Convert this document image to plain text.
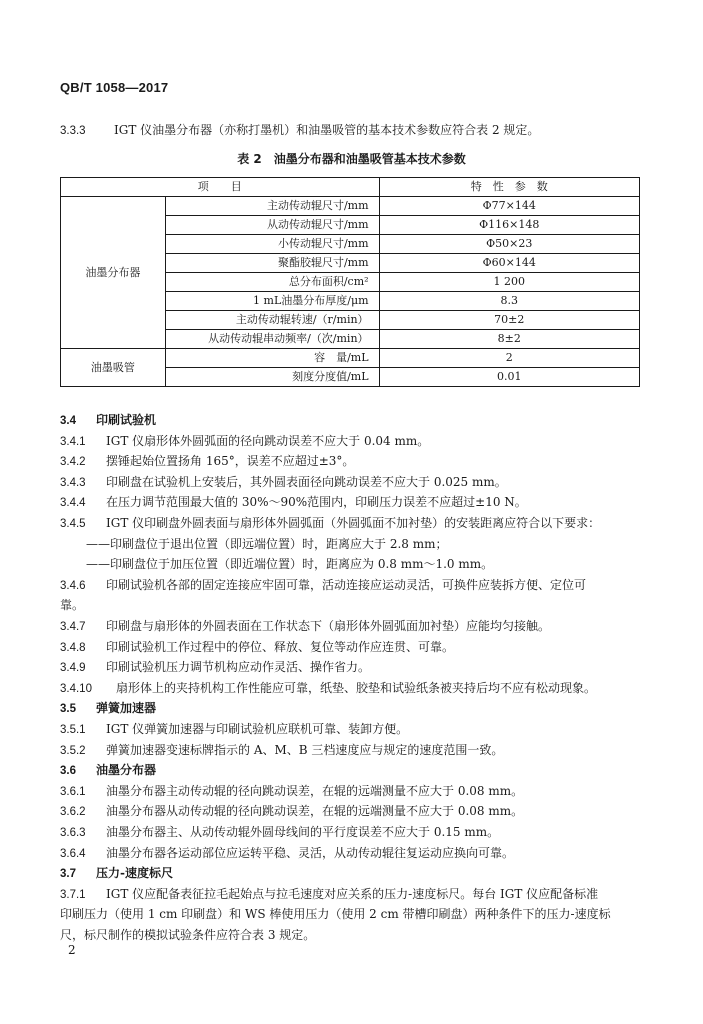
QB/T 1058—2017
3.3.3 IGT 仪油墨分布器（亦称打墨机）和油墨吸管的基本技术参数应符合表 2 规定。
表 2　油墨分布器和油墨吸管基本技术参数
项　　目		特　性　参　数
油墨分布器	主动传动辊尺寸/mm	Φ77×144
	从动传动辊尺寸/mm	Φ116×148
	小传动辊尺寸/mm	Φ50×23
	聚酯胶辊尺寸/mm	Φ60×144
	总分布面积/cm²	1 200
	1 mL油墨分布厚度/μm	8.3
	主动传动辊转速/（r/min）	70±2
	从动传动辊串动频率/（次/min）	8±2
油墨吸管	容　量/mL	2
	刻度分度值/mL	0.01
3.4 印刷试验机
3.4.1 IGT 仪扇形体外圆弧面的径向跳动误差不应大于 0.04 mm。
3.4.2 摆锤起始位置扬角 165°，误差不应超过±3°。
3.4.3 印刷盘在试验机上安装后，其外圆表面径向跳动误差不应大于 0.025 mm。
3.4.4 在压力调节范围最大值的 30%～90%范围内，印刷压力误差不应超过±10 N。
3.4.5 IGT 仪印刷盘外圆表面与扇形体外圆弧面（外圆弧面不加衬垫）的安装距离应符合以下要求：
——印刷盘位于退出位置（即远端位置）时，距离应大于 2.8 mm；
——印刷盘位于加压位置（即近端位置）时，距离应为 0.8 mm～1.0 mm。
3.4.6 印刷试验机各部的固定连接应牢固可靠，活动连接应运动灵活，可换件应装拆方便、定位可
靠。
3.4.7 印刷盘与扇形体的外圆表面在工作状态下（扇形体外圆弧面加衬垫）应能均匀接触。
3.4.8 印刷试验机工作过程中的停位、释放、复位等动作应连贯、可靠。
3.4.9 印刷试验机压力调节机构应动作灵活、操作省力。
3.4.10 扇形体上的夹持机构工作性能应可靠，纸垫、胶垫和试验纸条被夹持后均不应有松动现象。
3.5 弹簧加速器
3.5.1 IGT 仪弹簧加速器与印刷试验机应联机可靠、装卸方便。
3.5.2 弹簧加速器变速标牌指示的 A、M、B 三档速度应与规定的速度范围一致。
3.6 油墨分布器
3.6.1 油墨分布器主动传动辊的径向跳动误差，在辊的远端测量不应大于 0.08 mm。
3.6.2 油墨分布器从动传动辊的径向跳动误差，在辊的远端测量不应大于 0.08 mm。
3.6.3 油墨分布器主、从动传动辊外圆母线间的平行度误差不应大于 0.15 mm。
3.6.4 油墨分布器各运动部位应运转平稳、灵活，从动传动辊往复运动应换向可靠。
3.7 压力-速度标尺
3.7.1 IGT 仪应配备表征拉毛起始点与拉毛速度对应关系的压力-速度标尺。每台 IGT 仪应配备标准
印刷压力（使用 1 cm 印刷盘）和 WS 棒使用压力（使用 2 cm 带槽印刷盘）两种条件下的压力-速度标
尺，标尺制作的模拟试验条件应符合表 3 规定。
2
